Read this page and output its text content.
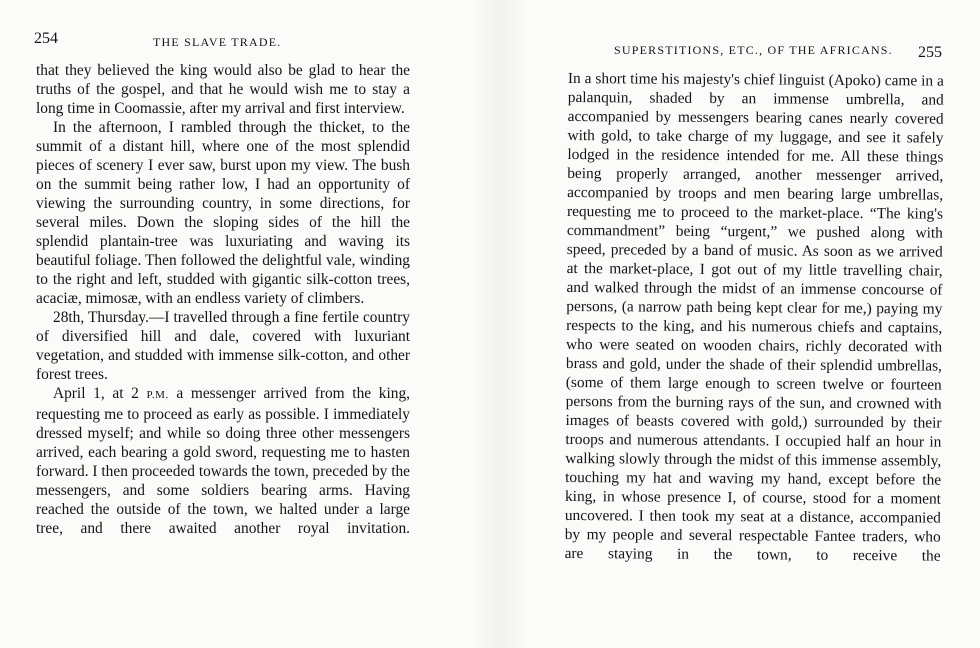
254	THE SLAVE TRADE.

that they believed the king would also be glad to hear the truths of the gospel, and that he would wish me to stay a long time in Coomassie, after my arrival and first interview.

In the afternoon, I rambled through the thicket, to the summit of a distant hill, where one of the most splendid pieces of scenery I ever saw, burst upon my view. The bush on the summit being rather low, I had an opportunity of viewing the surrounding country, in some directions, for several miles. Down the sloping sides of the hill the splendid plantain-tree was luxuriating and waving its beautiful foliage. Then followed the delightful vale, winding to the right and left, studded with gigantic silk-cotton trees, acaciæ, mimosæ, with an endless variety of climbers.

28th, Thursday.—I travelled through a fine fertile country of diversified hill and dale, covered with luxuriant vegetation, and studded with immense silk-cotton, and other forest trees.

April 1, at 2 P.M. a messenger arrived from the king, requesting me to proceed as early as possible. I immediately dressed myself; and while so doing three other messengers arrived, each bearing a gold sword, requesting me to hasten forward. I then proceeded towards the town, preceded by the messengers, and some soldiers bearing arms. Having reached the outside of the town, we halted under a large tree, and there awaited another royal invitation.

SUPERSTITIONS, ETC., OF THE AFRICANS. 255

In a short time his majesty's chief linguist (Apoko) came in a palanquin, shaded by an immense umbrella, and accompanied by messengers bearing canes nearly covered with gold, to take charge of my luggage, and see it safely lodged in the residence intended for me. All these things being properly arranged, another messenger arrived, accompanied by troops and men bearing large umbrellas, requesting me to proceed to the market-place. “The king's commandment” being “urgent,” we pushed along with speed, preceded by a band of music. As soon as we arrived at the market-place, I got out of my little travelling chair, and walked through the midst of an immense concourse of persons, (a narrow path being kept clear for me,) paying my respects to the king, and his numerous chiefs and captains, who were seated on wooden chairs, richly decorated with brass and gold, under the shade of their splendid umbrellas, (some of them large enough to screen twelve or fourteen persons from the burning rays of the sun, and crowned with images of beasts covered with gold,) surrounded by their troops and numerous attendants. I occupied half an hour in walking slowly through the midst of this immense assembly, touching my hat and waving my hand, except before the king, in whose presence I, of course, stood for a moment uncovered. I then took my seat at a distance, accompanied by my people and several respectable Fantee traders, who are staying in the town, to receive the
